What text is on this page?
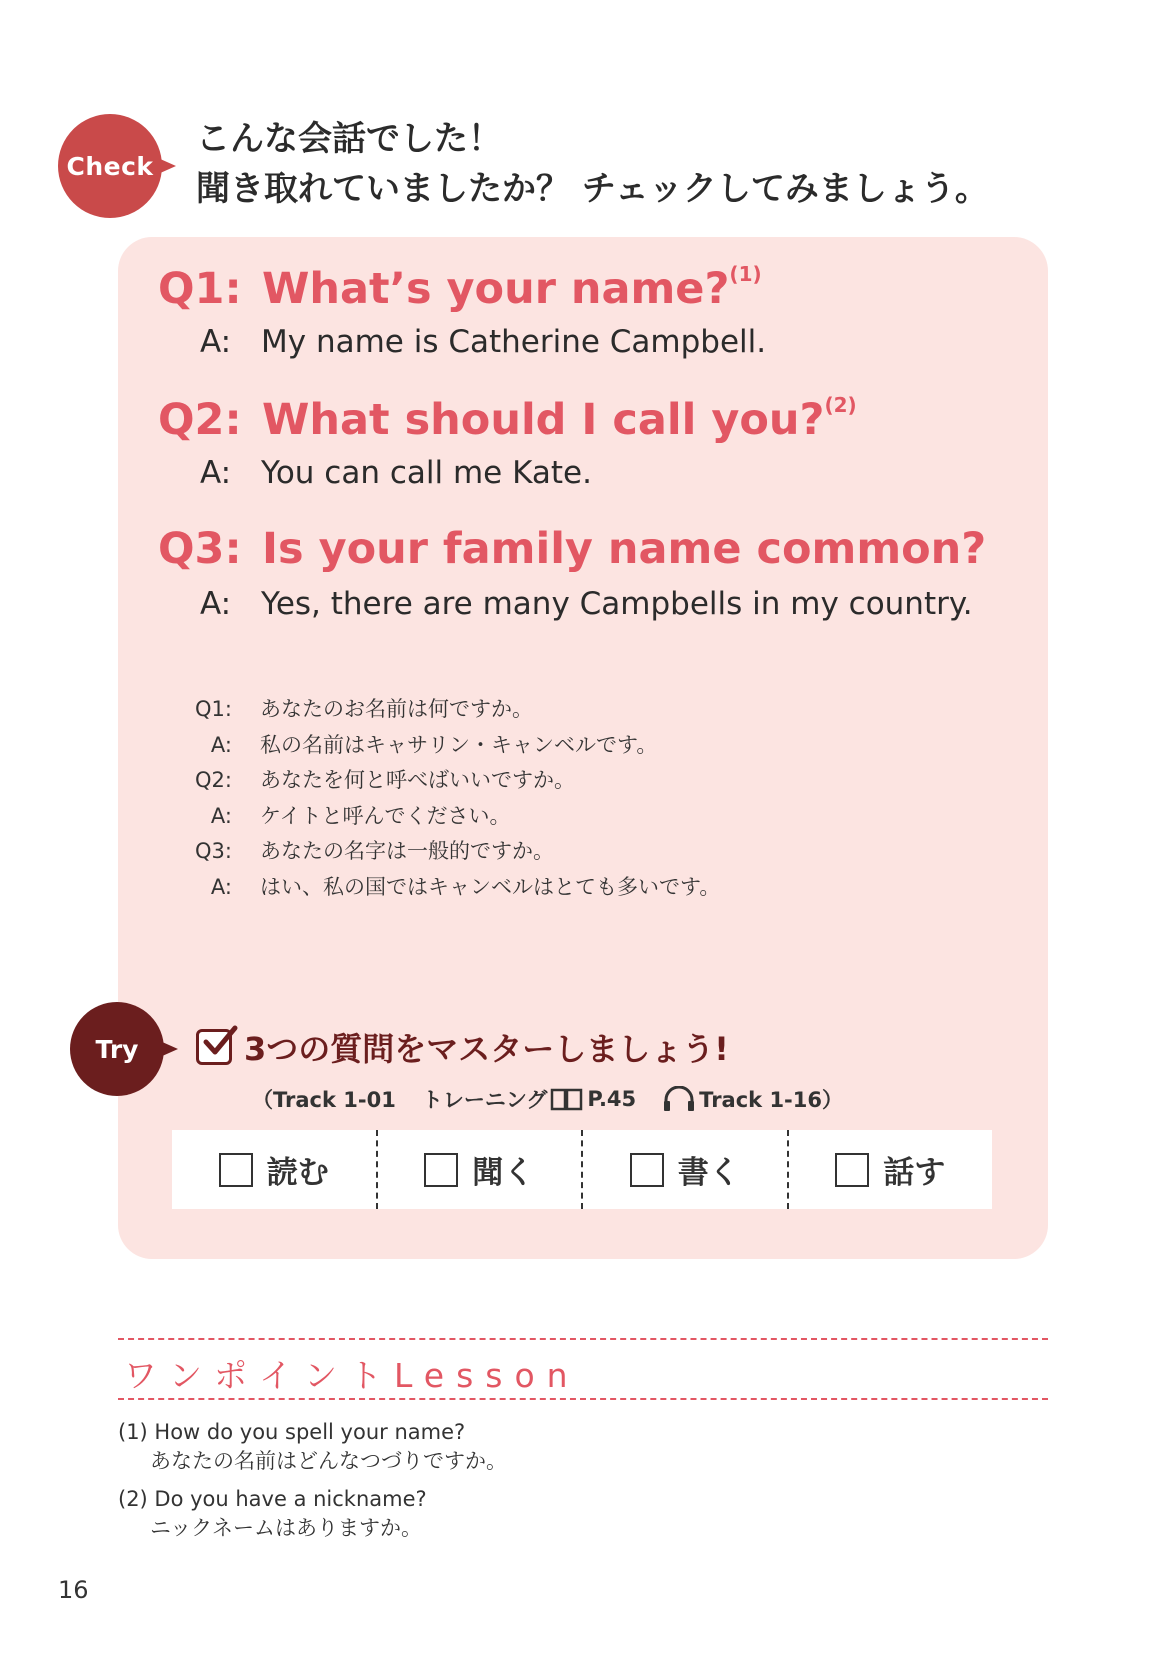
Check
こんな会話でした！
聞き取れていましたか？ チェックしてみましょう。
Q1: What’s your name?$^{(1)}$
A: My name is Catherine Campbell.
Q2: What should I call you?$^{(2)}$
A: You can call me Kate.
Q3: Is your family name common?
A: Yes, there are many Campbells in my country.
Q1:	あなたのお名前は何ですか。
A:	私の名前はキャサリン・キャンベルです。
Q2:	あなたを何と呼べばいいですか。
A:	ケイトと呼んでください。
Q3:	あなたの名字は一般的ですか。
A:	はい、私の国ではキャンベルはとても多いです。
Try	3つの質問をマスターしましょう!
（Track 1-01 トレーニング P.45	Track 1-16）
読む	聞く	書く	話す
ワンポイントLesson
(1) How do you spell your name?
あなたの名前はどんなつづりですか。
(2) Do you have a nickname?
ニックネームはありますか。
16
